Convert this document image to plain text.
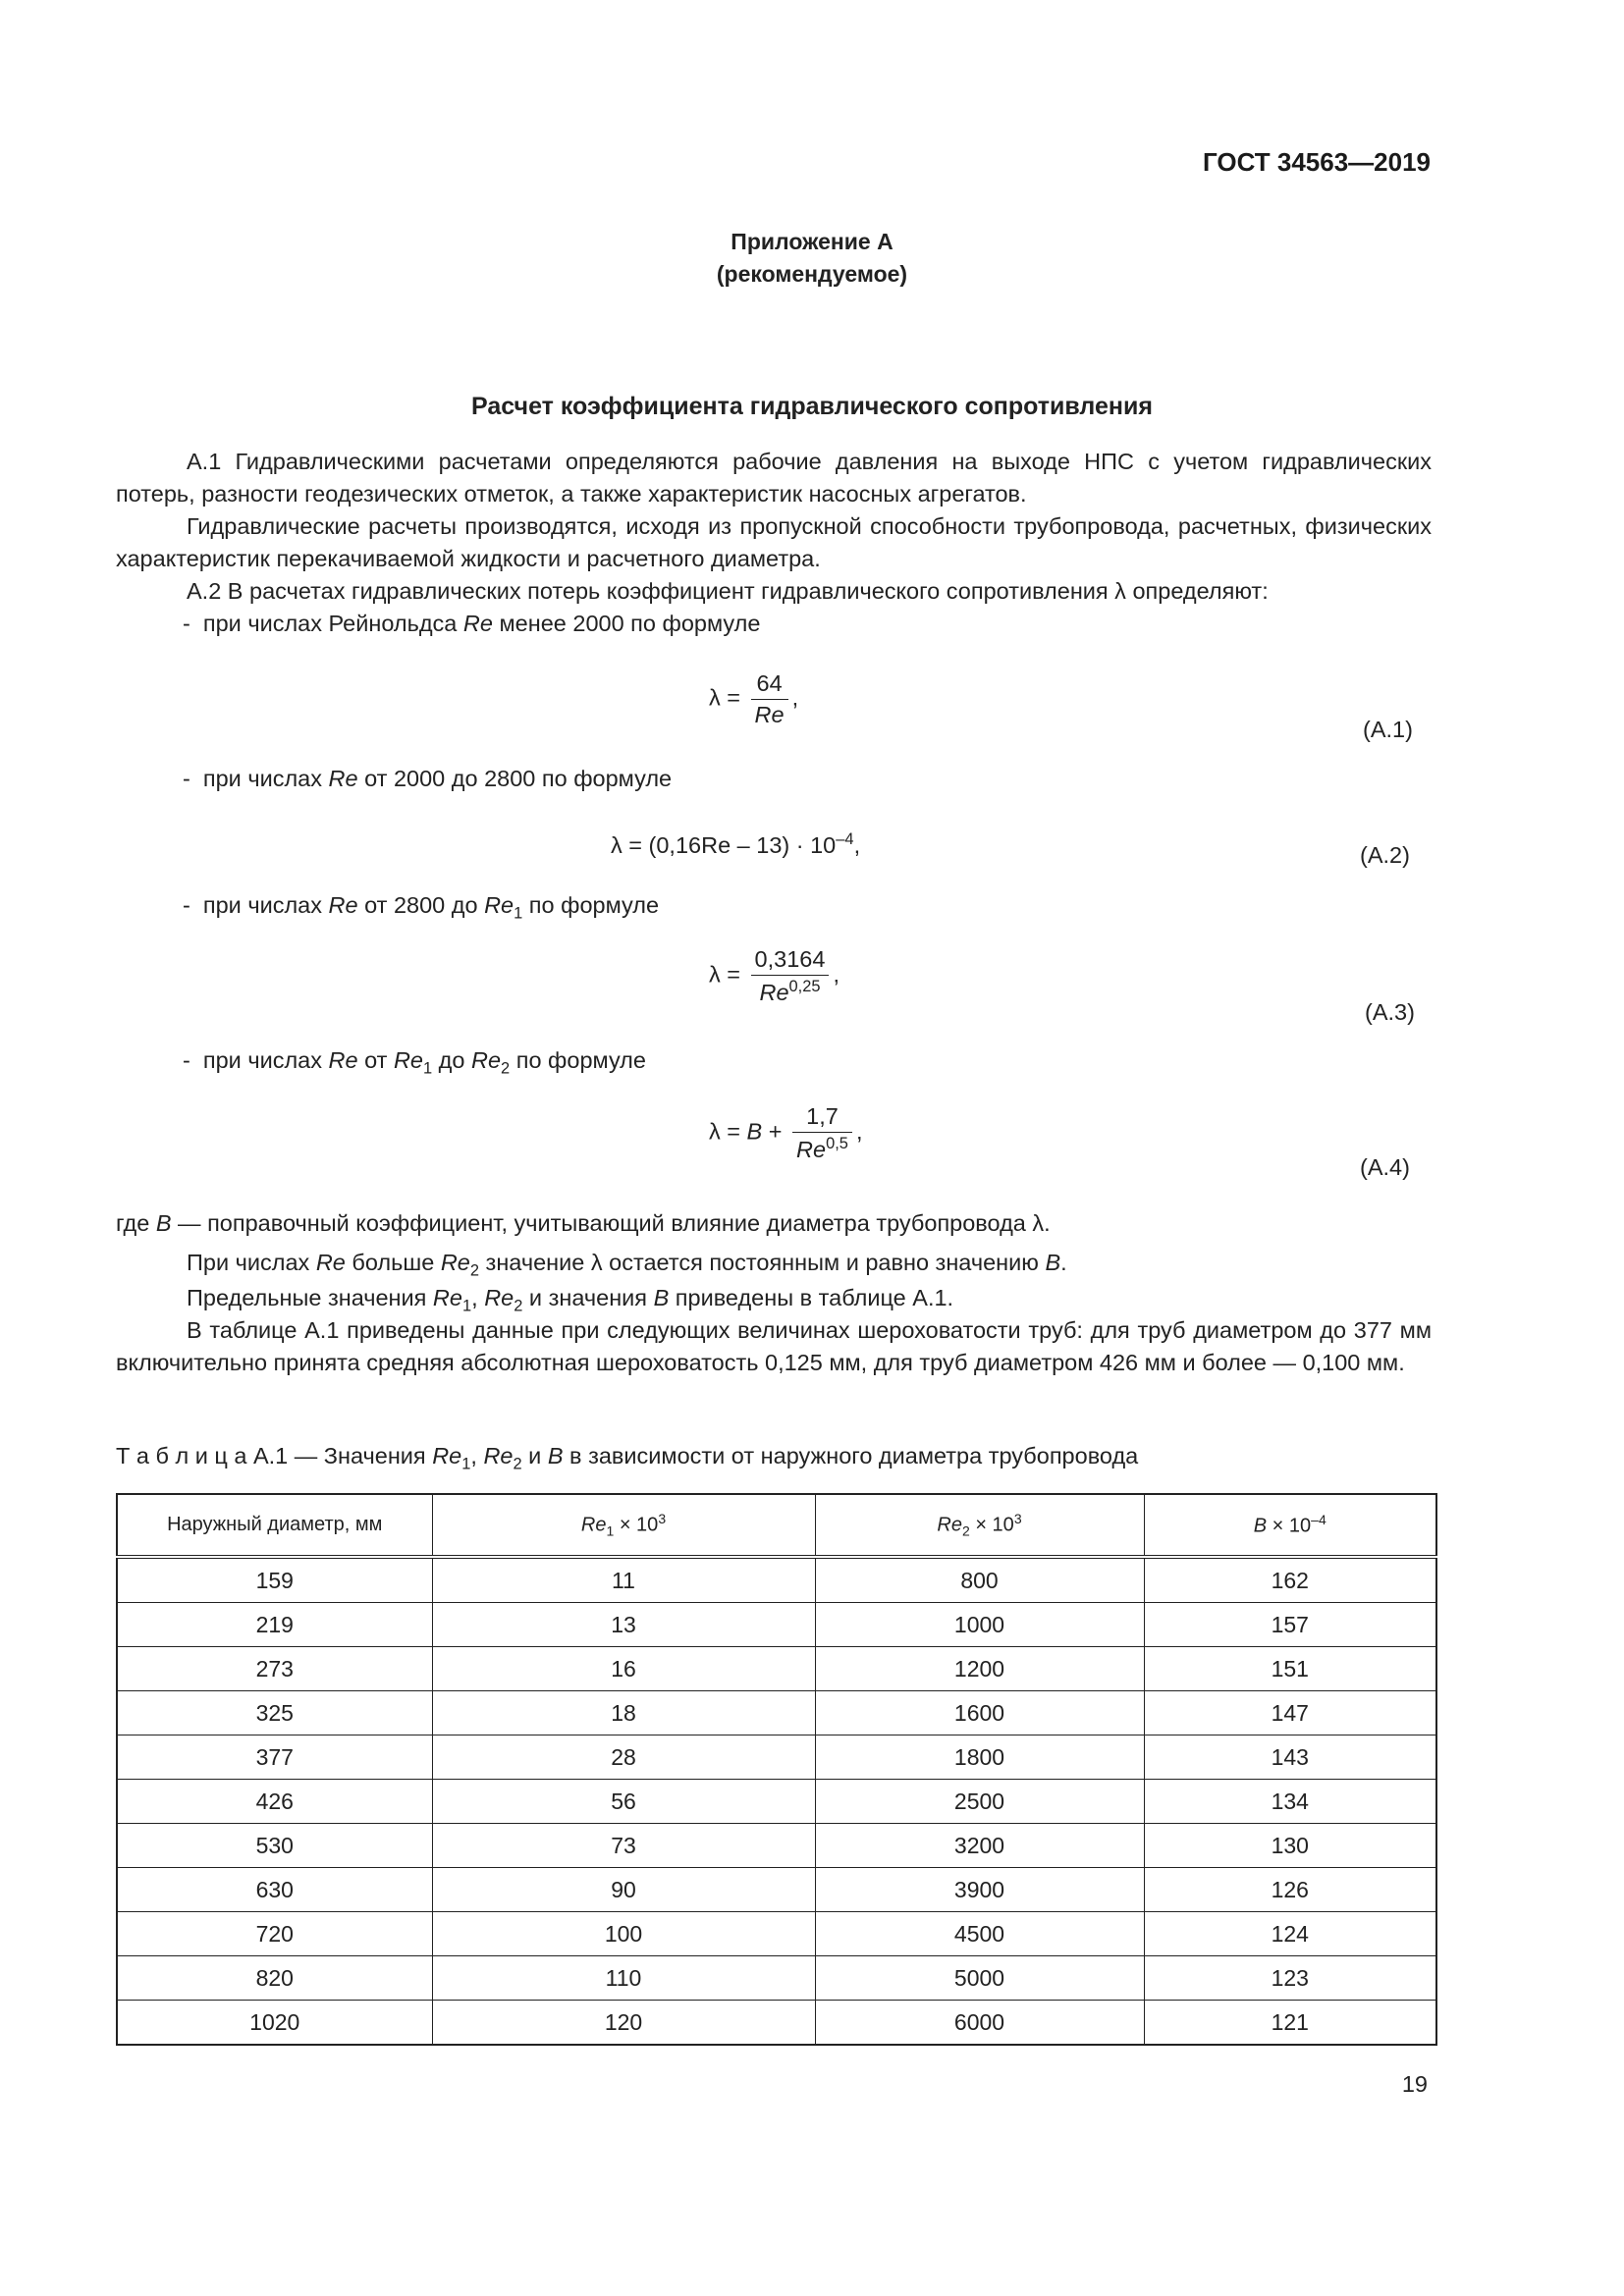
ГОСТ 34563—2019
Приложение А
(рекомендуемое)
Расчет коэффициента гидравлического сопротивления
А.1 Гидравлическими расчетами определяются рабочие давления на выходе НПС с учетом гидравлических потерь, разности геодезических отметок, а также характеристик насосных агрегатов.
Гидравлические расчеты производятся, исходя из пропускной способности трубопровода, расчетных, физических характеристик перекачиваемой жидкости и расчетного диаметра.
А.2 В расчетах гидравлических потерь коэффициент гидравлического сопротивления λ определяют:
-  при числах Рейнольдса Re менее 2000 по формуле
$\lambda = \frac{64}{Re}$ ,
(А.1)
-  при числах Re от 2000 до 2800 по формуле
$\lambda = (0,16Re - 13) \cdot 10^{-4}$,	(А.2)
-  при числах Re от 2800 до $Re_1$ по формуле
$\lambda = \frac{0,3164}{Re^{0,25}}$ ,
(А.3)
-  при числах Re от $Re_1$ до $Re_2$ по формуле
$\lambda = B + \frac{1,7}{Re^{0,5}}$ ,
(А.4)
где B — поправочный коэффициент, учитывающий влияние диаметра трубопровода λ.
При числах Re больше $Re_2$ значение λ остается постоянным и равно значению B.
Предельные значения $Re_1$, $Re_2$ и значения B приведены в таблице А.1.
В таблице А.1 приведены данные при следующих величинах шероховатости труб: для труб диаметром до 377 мм включительно принята средняя абсолютная шероховатость 0,125 мм, для труб диаметром 426 мм и более — 0,100 мм.
Т а б л и ц а А.1 — Значения $Re_1$, $Re_2$ и B в зависимости от наружного диаметра трубопровода
Наружный диаметр, мм	$Re_1 \times 10^3$	$Re_2 \times 10^3$	$B \times 10^{-4}$
159	11	800	162
219	13	1000	157
273	16	1200	151
325	18	1600	147
377	28	1800	143
426	56	2500	134
530	73	3200	130
630	90	3900	126
720	100	4500	124
820	110	5000	123
1020	120	6000	121
19
